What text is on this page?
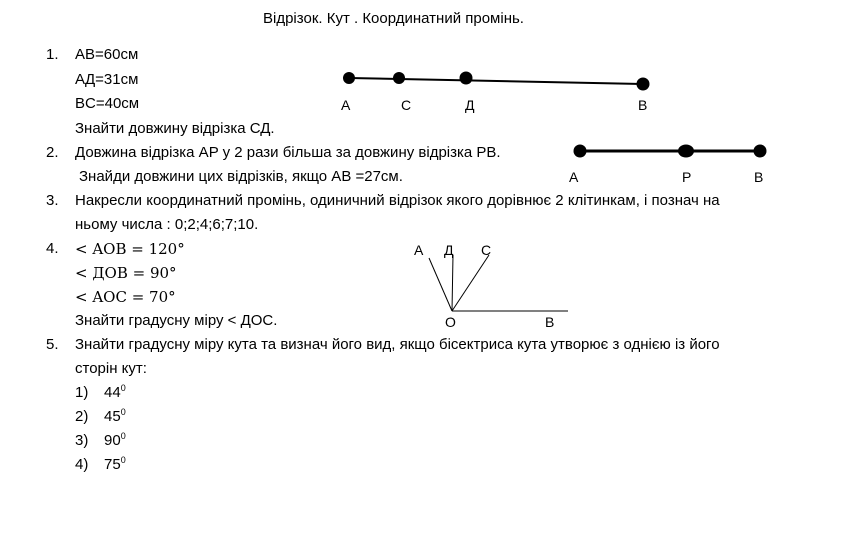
Відрізок. Кут . Координатний промінь.
1. AB=60см
AД=31см
BC=40см
Знайти довжину відрізка СД.
2. Довжина відрізка AP у 2 рази більша за довжину відрізка PB.
Знайди довжини цих відрізків, якщо AB =27см.
3. Накресли координатний промінь, одиничний відрізок якого дорівнює 2 клітинкам, і познач на
ньому числа : 0;2;4;6;7;10.
4. < AOB = 120°
< ДOB = 90°
< AOC = 70°
Знайти градусну міру < ДOC.
5. Знайти градусну міру кута та визнач його вид, якщо бісектриса кута утворює з однією із його
сторін кут:
1) $44^0$
2) $45^0$
3) $90^0$
4) $75^0$
A	C	Д	B
A	P	B
A Д C
O	B
